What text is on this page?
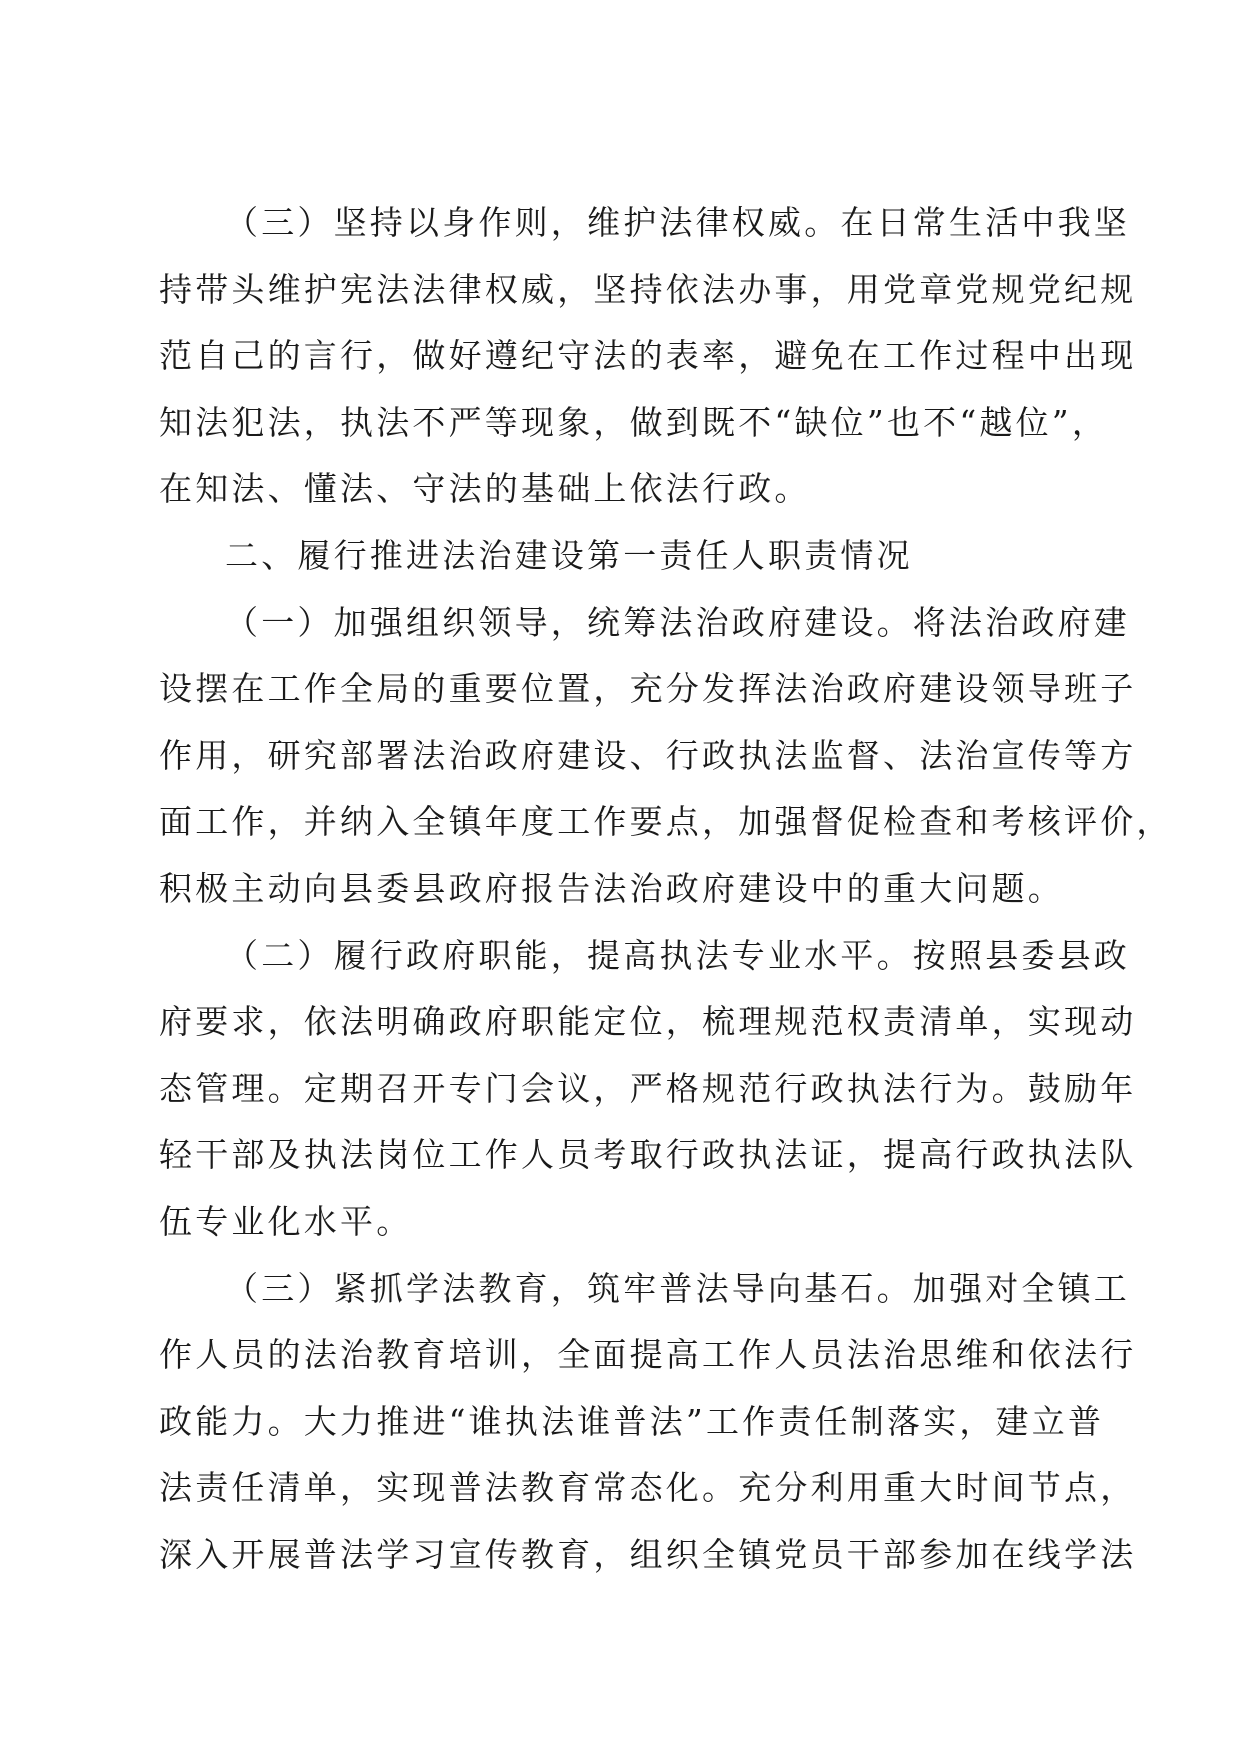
（三）坚持以身作则，维护法律权威。在日常生活中我坚
持带头维护宪法法律权威，坚持依法办事，用党章党规党纪规
范自己的言行，做好遵纪守法的表率，避免在工作过程中出现
知法犯法，执法不严等现象，做到既不“缺位”也不“越位”，
在知法、懂法、守法的基础上依法行政。
二、履行推进法治建设第一责任人职责情况
（一）加强组织领导，统筹法治政府建设。将法治政府建
设摆在工作全局的重要位置，充分发挥法治政府建设领导班子
作用，研究部署法治政府建设、行政执法监督、法治宣传等方
面工作，并纳入全镇年度工作要点，加强督促检查和考核评价，
积极主动向县委县政府报告法治政府建设中的重大问题。
（二）履行政府职能，提高执法专业水平。按照县委县政
府要求，依法明确政府职能定位，梳理规范权责清单，实现动
态管理。定期召开专门会议，严格规范行政执法行为。鼓励年
轻干部及执法岗位工作人员考取行政执法证，提高行政执法队
伍专业化水平。
（三）紧抓学法教育，筑牢普法导向基石。加强对全镇工
作人员的法治教育培训，全面提高工作人员法治思维和依法行
政能力。大力推进“谁执法谁普法”工作责任制落实，建立普
法责任清单，实现普法教育常态化。充分利用重大时间节点，
深入开展普法学习宣传教育，组织全镇党员干部参加在线学法
